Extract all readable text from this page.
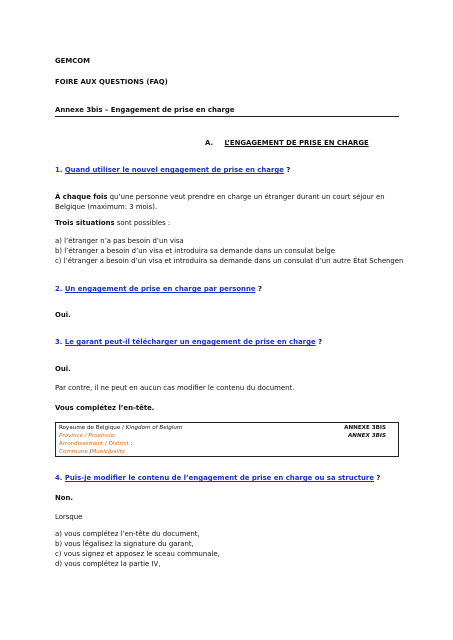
GEMCOM
FOIRE AUX QUESTIONS (FAQ)
Annexe 3bis – Engagement de prise en charge
A. L’ENGAGEMENT DE PRISE EN CHARGE
1. Quand utiliser le nouvel engagement de prise en charge ?
À chaque fois qu’une personne veut prendre en charge un étranger durant un court séjour en
Belgique (maximum: 3 mois).
Trois situations sont possibles :
a) l’étranger n’a pas besoin d’un visa
b) l’étranger a besoin d’un visa et introduira sa demande dans un consulat belge
c) l’étranger a besoin d’un visa et introduira sa demande dans un consulat d’un autre État Schengen
2. Un engagement de prise en charge par personne ?
Oui.
3. Le garant peut-il télécharger un engagement de prise en charge ?
Oui.
Par contre, il ne peut en aucun cas modifier le contenu du document.
Vous complétez l’en-tête.
Royaume de Belgique / Kingdom of Belgium
Province / Provincie:
Arrondissement / District :
Commune /Municipality
ANNEXE 3BIS
ANNEX 3BIS
4. Puis-je modifier le contenu de l’engagement de prise en charge ou sa structure ?
Non.
Lorsque
a) vous complétez l’en-tête du document,
b) vous légalisez la signature du garant,
c) vous signez et apposez le sceau communale,
d) vous complétez la partie IV,
